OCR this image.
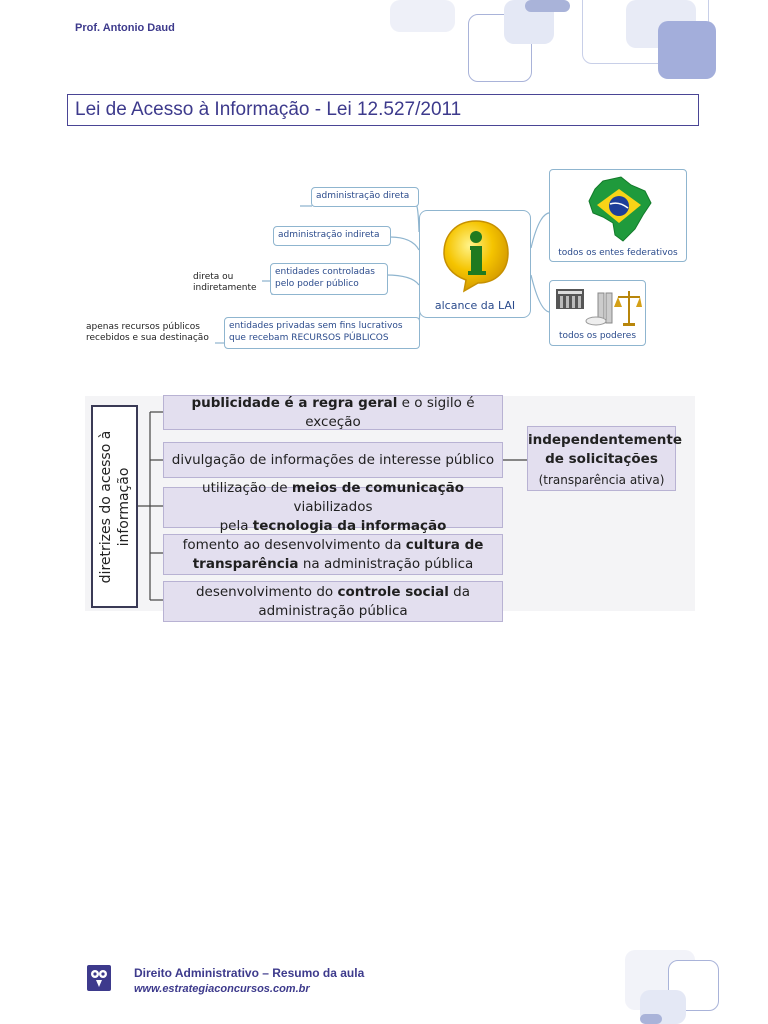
Prof. Antonio Daud
Lei de Acesso à Informação - Lei 12.527/2011
administração direta
administração indireta
entidades controladas
pelo poder público
direta ou
indiretamente
entidades privadas sem fins lucrativos
que recebam RECURSOS PÚBLICOS
apenas recursos públicos
recebidos e sua destinação
alcance da LAI
todos os entes federativos
todos os poderes
diretrizes do acesso à informação
publicidade é a regra geral e o sigilo é exceção
divulgação de informações de interesse público
utilização de meios de comunicação viabilizados
pela tecnologia da informação
fomento ao desenvolvimento da cultura de
transparência na administração pública
desenvolvimento do controle social da
administração pública
independentemente
de solicitações
(transparência ativa)
Direito Administrativo – Resumo da aula
www.estrategiaconcursos.com.br
